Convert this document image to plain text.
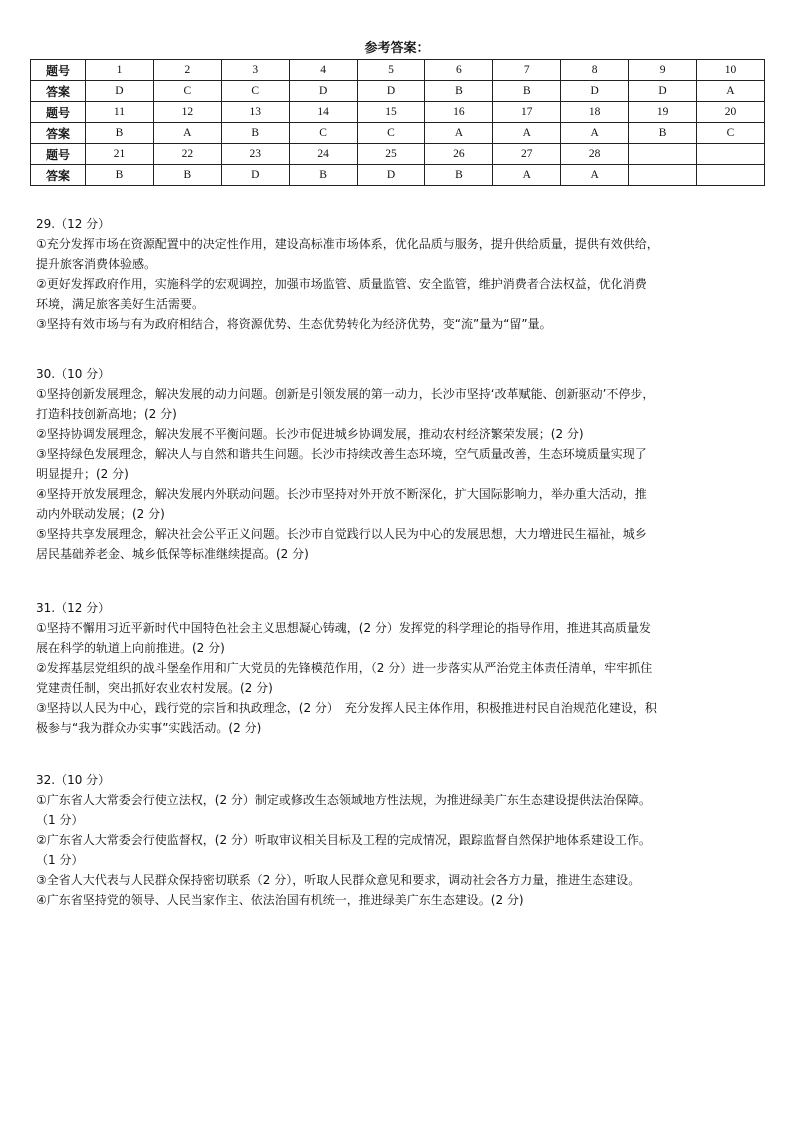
参考答案：
题号	1	2	3	4	5	6	7	8	9	10
答案	D	C	C	D	D	B	B	D	D	A
题号	11	12	13	14	15	16	17	18	19	20
答案	B	A	B	C	C	A	A	A	B	C
题号	21	22	23	24	25	26	27	28		
答案	B	B	D	B	D	B	A	A		
29.（12 分）
①充分发挥市场在资源配置中的决定性作用，建设高标准市场体系，优化品质与服务，提升供给质量，提供有效供给，
提升旅客消费体验感。
②更好发挥政府作用，实施科学的宏观调控，加强市场监管、质量监管、安全监管，维护消费者合法权益，优化消费
环境，满足旅客美好生活需要。
③坚持有效市场与有为政府相结合，将资源优势、生态优势转化为经济优势，变“流”量为“留”量。
30.（10 分）
①坚持创新发展理念，解决发展的动力问题。创新是引领发展的第一动力，长沙市坚持‘改革赋能、创新驱动’不停步，
打造科技创新高地；(2 分)
②坚持协调发展理念，解决发展不平衡问题。长沙市促进城乡协调发展，推动农村经济繁荣发展；(2 分)
③坚持绿色发展理念，解决人与自然和谐共生问题。长沙市持续改善生态环境，空气质量改善，生态环境质量实现了
明显提升；(2 分)
④坚持开放发展理念，解决发展内外联动问题。长沙市坚持对外开放不断深化，扩大国际影响力，举办重大活动，推
动内外联动发展；(2 分)
⑤坚持共享发展理念，解决社会公平正义问题。长沙市自觉践行以人民为中心的发展思想，大力增进民生福祉，城乡
居民基础养老金、城乡低保等标准继续提高。(2 分)
31.（12 分）
①坚持不懈用习近平新时代中国特色社会主义思想凝心铸魂，(2 分）发挥党的科学理论的指导作用，推进其高质量发
展在科学的轨道上向前推进。(2 分)
②发挥基层党组织的战斗堡垒作用和广大党员的先锋模范作用，（2 分）进一步落实从严治党主体责任清单，牢牢抓住
党建责任制，突出抓好农业农村发展。(2 分)
③坚持以人民为中心，践行党的宗旨和执政理念，(2 分）　充分发挥人民主体作用，积极推进村民自治规范化建设，积
极参与“我为群众办实事”实践活动。(2 分)
32.（10 分）
①广东省人大常委会行使立法权，(2 分）制定或修改生态领域地方性法规，为推进绿美广东生态建设提供法治保障。
（1 分）
②广东省人大常委会行使监督权，(2 分）听取审议相关目标及工程的完成情况，跟踪监督自然保护地体系建设工作。
（1 分）
③全省人大代表与人民群众保持密切联系（2 分），听取人民群众意见和要求，调动社会各方力量，推进生态建设。
④广东省坚持党的领导、人民当家作主、依法治国有机统一，推进绿美广东生态建设。(2 分)
